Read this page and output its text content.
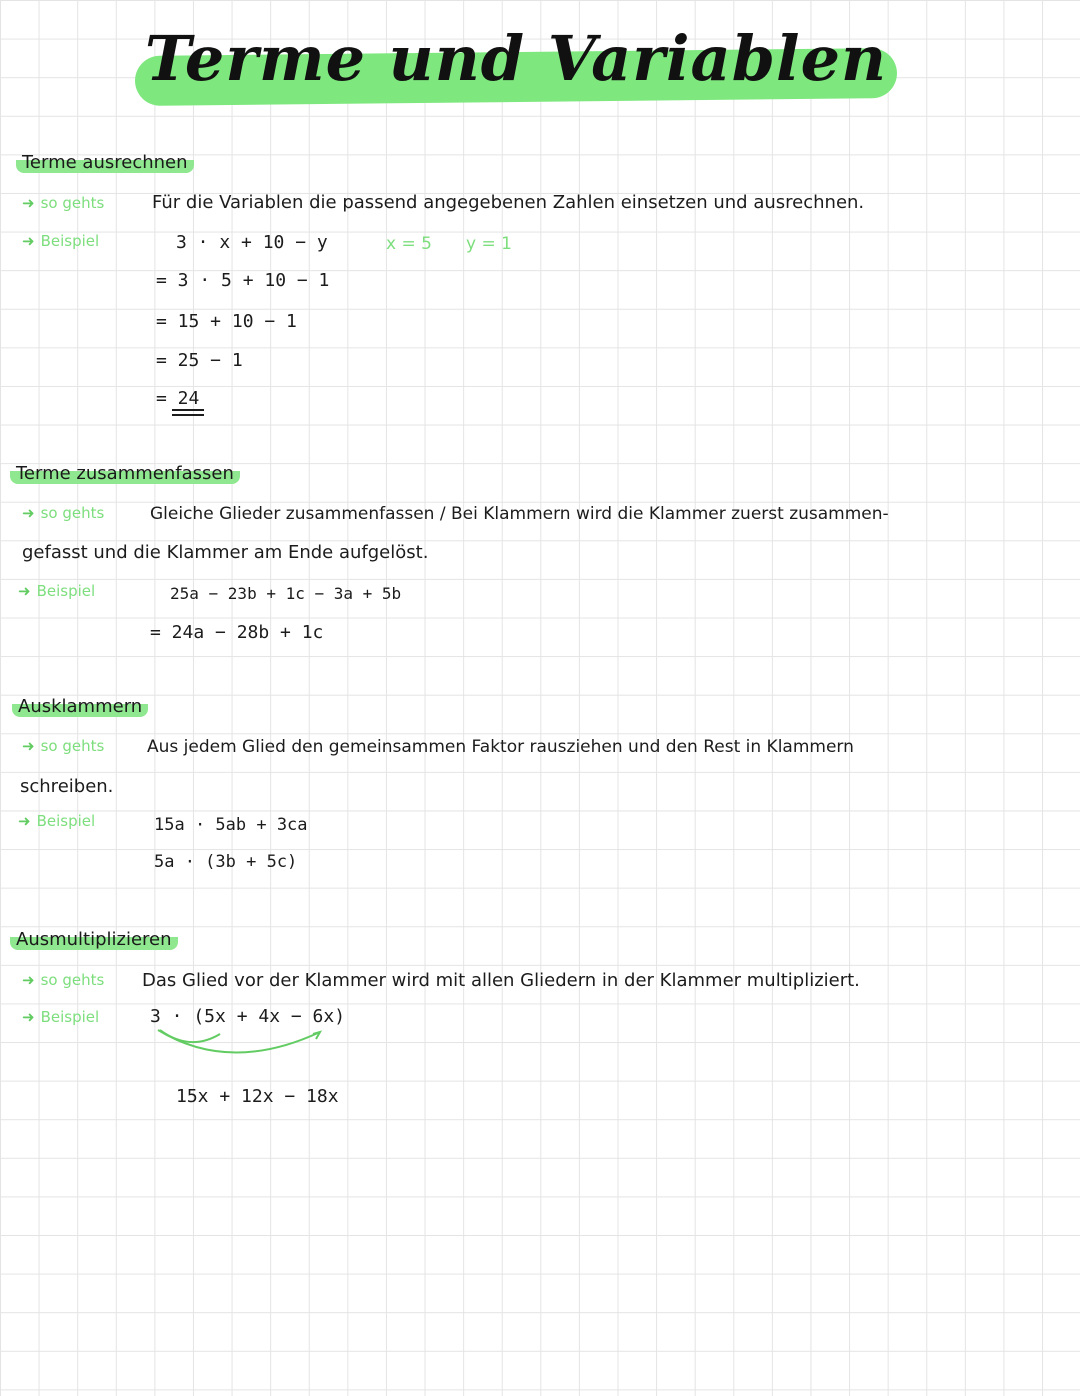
Terme und Variablen
Terme ausrechnen
➜ so gehts	Für die Variablen die passend angegebenen Zahlen einsetzen und ausrechnen.
➜ Beispiel	3 · x + 10 − y	x = 5 y = 1
= 3 · 5 + 10 − 1
= 15 + 10 − 1
= 25 − 1
= 24
Terme zusammenfassen
➜ so gehts	Gleiche Glieder zusammenfassen / Bei Klammern wird die Klammer zuerst zusammen-
gefasst und die Klammer am Ende aufgelöst.
➜ Beispiel	25a − 23b + 1c − 3a + 5b
= 24a − 28b + 1c
Ausklammern
➜ so gehts	Aus jedem Glied den gemeinsammen Faktor rausziehen und den Rest in Klammern
schreiben.
➜ Beispiel	15a · 5ab + 3ca
5a · (3b + 5c)
Ausmultiplizieren
➜ so gehts Das Glied vor der Klammer wird mit allen Gliedern in der Klammer multipliziert.
➜ Beispiel	3 · (5x + 4x − 6x)
15x + 12x − 18x
